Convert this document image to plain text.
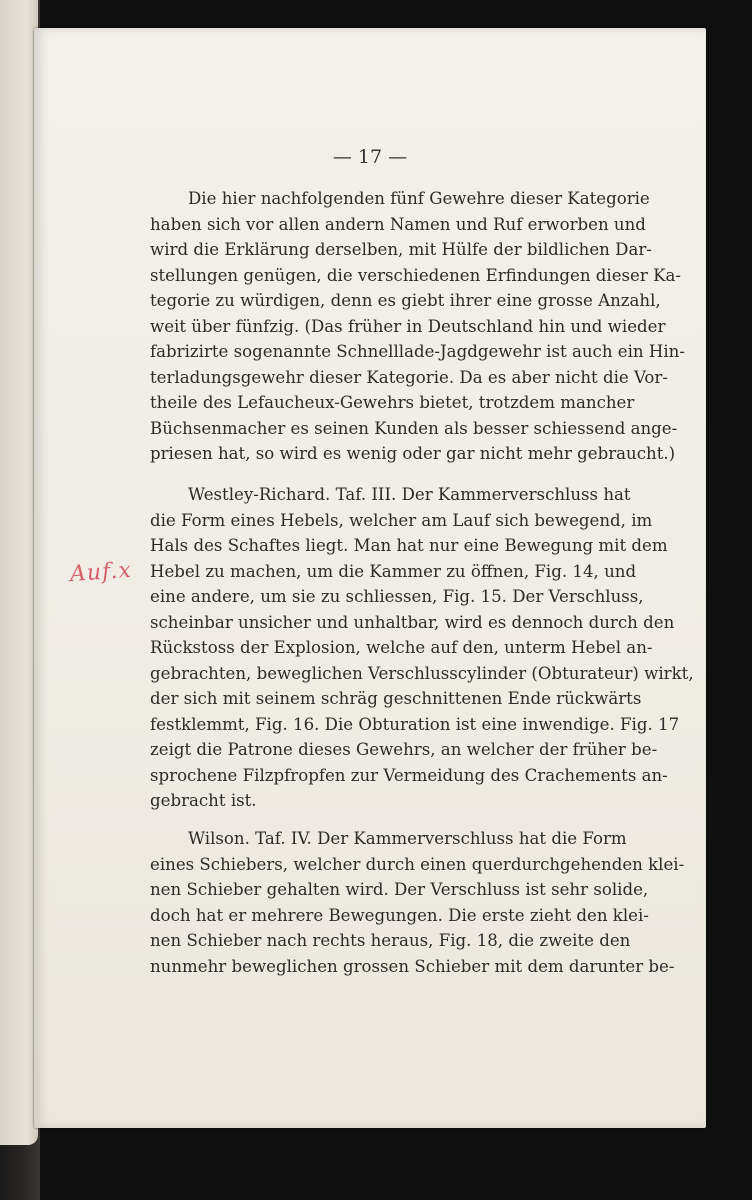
— 17 —
Auf.x
Die hier nachfolgenden fünf Gewehre dieser Kategorie
haben sich vor allen andern Namen und Ruf erworben und
wird die Erklärung derselben, mit Hülfe der bildlichen Dar-
stellungen genügen, die verschiedenen Erfindungen dieser Ka-
tegorie zu würdigen, denn es giebt ihrer eine grosse Anzahl,
weit über fünfzig. (Das früher in Deutschland hin und wieder
fabrizirte sogenannte Schnelllade-Jagdgewehr ist auch ein Hin-
terladungsgewehr dieser Kategorie. Da es aber nicht die Vor-
theile des Lefaucheux-Gewehrs bietet, trotzdem mancher
Büchsenmacher es seinen Kunden als besser schiessend ange-
priesen hat, so wird es wenig oder gar nicht mehr gebraucht.)
Westley-Richard. Taf. III. Der Kammerverschluss hat
die Form eines Hebels, welcher am Lauf sich bewegend, im
Hals des Schaftes liegt. Man hat nur eine Bewegung mit dem
Hebel zu machen, um die Kammer zu öffnen, Fig. 14, und
eine andere, um sie zu schliessen, Fig. 15. Der Verschluss,
scheinbar unsicher und unhaltbar, wird es dennoch durch den
Rückstoss der Explosion, welche auf den, unterm Hebel an-
gebrachten, beweglichen Verschlusscylinder (Obturateur) wirkt,
der sich mit seinem schräg geschnittenen Ende rückwärts
festklemmt, Fig. 16. Die Obturation ist eine inwendige. Fig. 17
zeigt die Patrone dieses Gewehrs, an welcher der früher be-
sprochene Filzpfropfen zur Vermeidung des Crachements an-
gebracht ist.
Wilson. Taf. IV. Der Kammerverschluss hat die Form
eines Schiebers, welcher durch einen querdurchgehenden klei-
nen Schieber gehalten wird. Der Verschluss ist sehr solide,
doch hat er mehrere Bewegungen. Die erste zieht den klei-
nen Schieber nach rechts heraus, Fig. 18, die zweite den
nunmehr beweglichen grossen Schieber mit dem darunter be-
